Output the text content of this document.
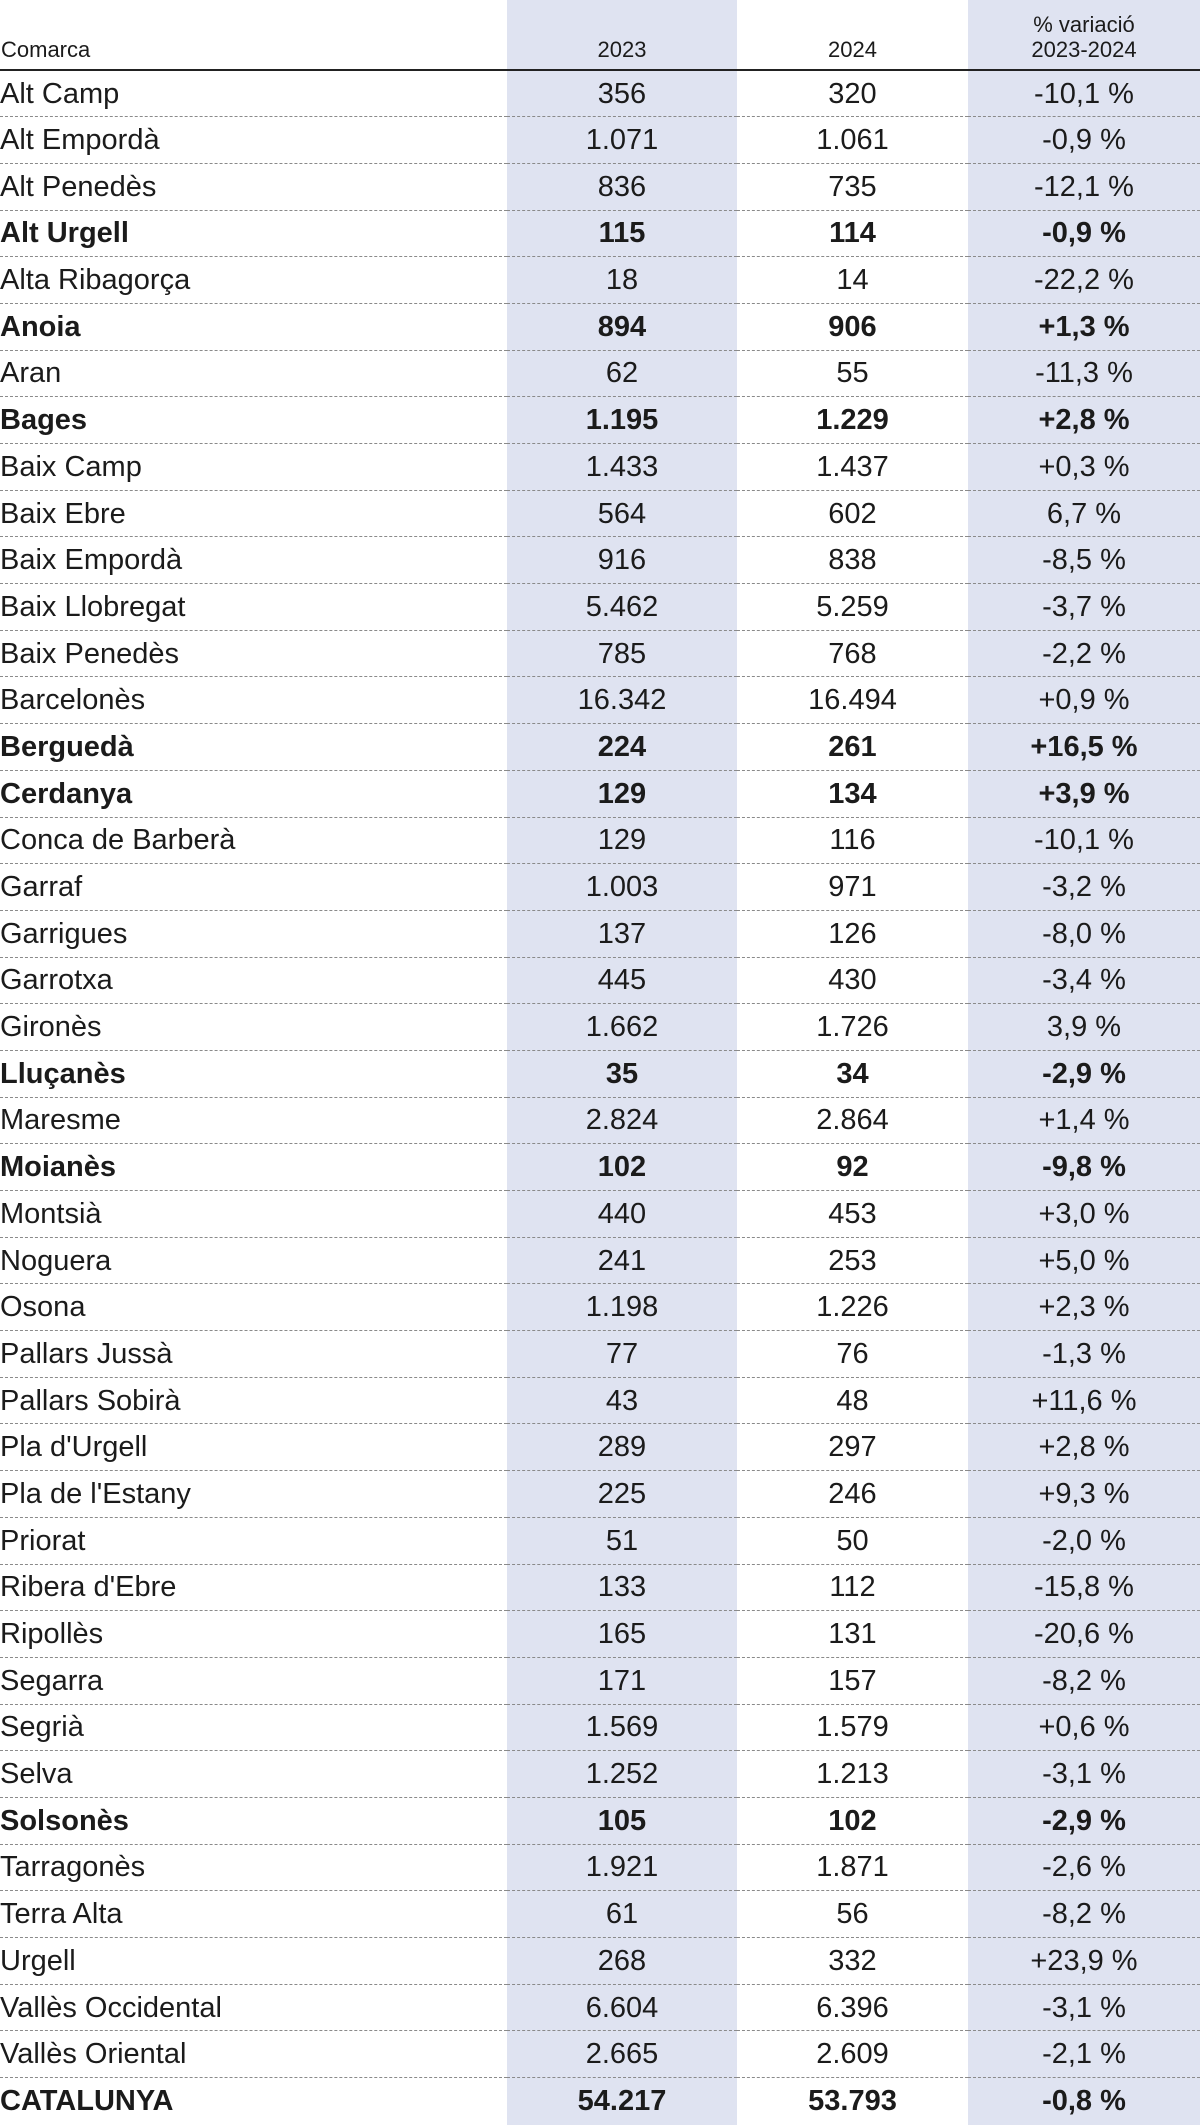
Comarca	2023	2024	% variació
2023-2024

Alt Camp	356	320	-10,1 %
Alt Empordà	1.071	1.061	-0,9 %
Alt Penedès	836	735	-12,1 %
Alt Urgell	115	114	-0,9 %
Alta Ribagorça	18	14	-22,2 %
Anoia	894	906	+1,3 %
Aran	62	55	-11,3 %
Bages	1.195	1.229	+2,8 %
Baix Camp	1.433	1.437	+0,3 %
Baix Ebre	564	602	6,7 %
Baix Empordà	916	838	-8,5 %
Baix Llobregat	5.462	5.259	-3,7 %
Baix Penedès	785	768	-2,2 %
Barcelonès	16.342	16.494	+0,9 %
Berguedà	224	261	+16,5 %
Cerdanya	129	134	+3,9 %
Conca de Barberà	129	116	-10,1 %
Garraf	1.003	971	-3,2 %
Garrigues	137	126	-8,0 %
Garrotxa	445	430	-3,4 %
Gironès	1.662	1.726	3,9 %
Lluçanès	35	34	-2,9 %
Maresme	2.824	2.864	+1,4 %
Moianès	102	92	-9,8 %
Montsià	440	453	+3,0 %
Noguera	241	253	+5,0 %
Osona	1.198	1.226	+2,3 %
Pallars Jussà	77	76	-1,3 %
Pallars Sobirà	43	48	+11,6 %
Pla d'Urgell	289	297	+2,8 %
Pla de l'Estany	225	246	+9,3 %
Priorat	51	50	-2,0 %
Ribera d'Ebre	133	112	-15,8 %
Ripollès	165	131	-20,6 %
Segarra	171	157	-8,2 %
Segrià	1.569	1.579	+0,6 %
Selva	1.252	1.213	-3,1 %
Solsonès	105	102	-2,9 %
Tarragonès	1.921	1.871	-2,6 %
Terra Alta	61	56	-8,2 %
Urgell	268	332	+23,9 %
Vallès Occidental	6.604	6.396	-3,1 %
Vallès Oriental	2.665	2.609	-2,1 %
CATALUNYA	54.217	53.793	-0,8 %
